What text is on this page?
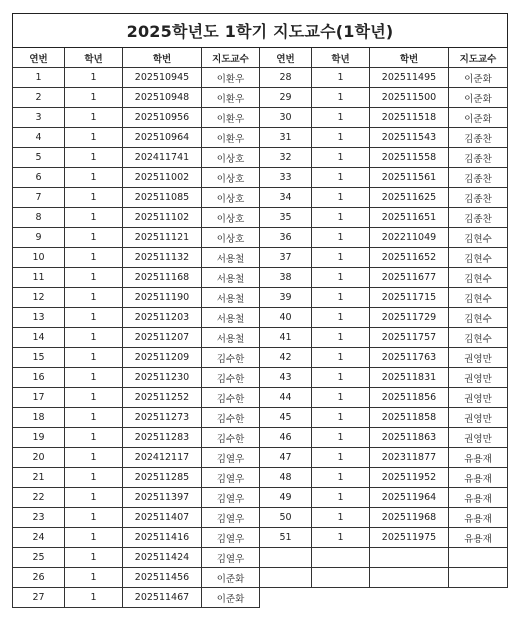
2025학년도 1학기 지도교수(1학년)							
연번	학년	학번	지도교수	연번	학년	학번	지도교수
1	1	202510945	이환우	28	1	202511495	이준화
2	1	202510948	이환우	29	1	202511500	이준화
3	1	202510956	이환우	30	1	202511518	이준화
4	1	202510964	이환우	31	1	202511543	김종찬
5	1	202411741	이상호	32	1	202511558	김종찬
6	1	202511002	이상호	33	1	202511561	김종찬
7	1	202511085	이상호	34	1	202511625	김종찬
8	1	202511102	이상호	35	1	202511651	김종찬
9	1	202511121	이상호	36	1	202211049	김현수
10	1	202511132	서용철	37	1	202511652	김현수
11	1	202511168	서용철	38	1	202511677	김현수
12	1	202511190	서용철	39	1	202511715	김현수
13	1	202511203	서용철	40	1	202511729	김현수
14	1	202511207	서용철	41	1	202511757	김현수
15	1	202511209	김수한	42	1	202511763	권영만
16	1	202511230	김수한	43	1	202511831	권영만
17	1	202511252	김수한	44	1	202511856	권영만
18	1	202511273	김수한	45	1	202511858	권영만
19	1	202511283	김수한	46	1	202511863	권영만
20	1	202412117	김열우	47	1	202311877	유용재
21	1	202511285	김열우	48	1	202511952	유용재
22	1	202511397	김열우	49	1	202511964	유용재
23	1	202511407	김열우	50	1	202511968	유용재
24	1	202511416	김열우	51	1	202511975	유용재
25	1	202511424	김열우				
26	1	202511456	이준화				
27	1	202511467	이준화				
